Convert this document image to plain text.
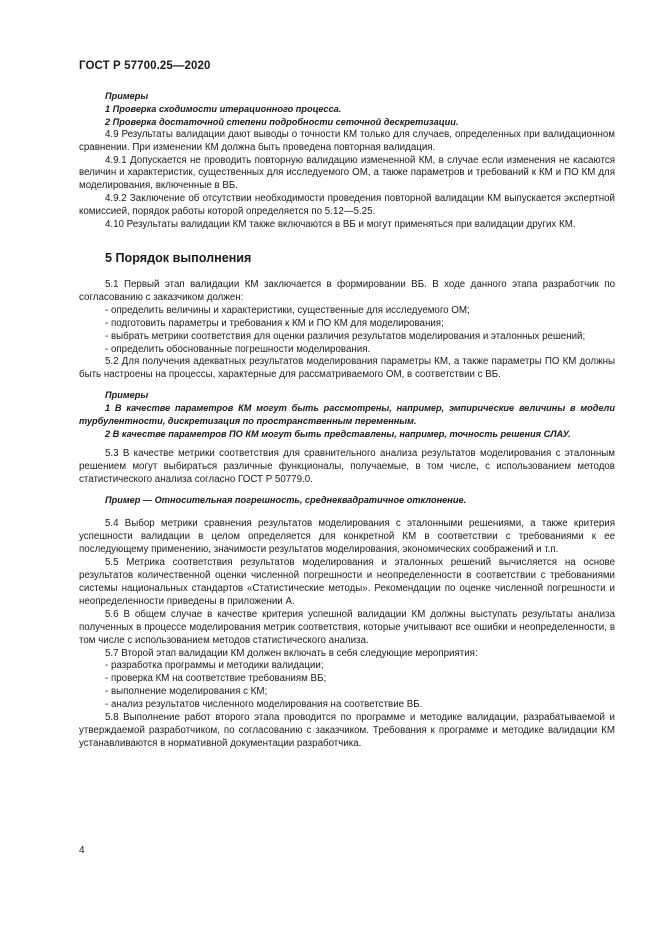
ГОСТ Р 57700.25—2020

Примеры

1 Проверка сходимости итерационного процесса.

2 Проверка достаточной степени подробности сеточной дескретизации.

4.9 Результаты валидации дают выводы о точности КМ только для случаев, определенных при валидационном сравнении. При изменении КМ должна быть проведена повторная валидация.

4.9.1 Допускается не проводить повторную валидацию измененной КМ, в случае если изменения не касаются величин и характеристик, существенных для исследуемого ОМ, а также параметров и требований к КМ и ПО КМ для моделирования, включенные в ВБ.

4.9.2 Заключение об отсутствии необходимости проведения повторной валидации КМ выпускается экспертной комиссией, порядок работы которой определяется по 5.12—5.25.

4.10 Результаты валидации КМ также включаются в ВБ и могут применяться при валидации других КМ.

5 Порядок выполнения

5.1 Первый этап валидации КМ заключается в формировании ВБ. В ходе данного этапа разработчик по согласованию с заказчиком должен:

- определить величины и характеристики, существенные для исследуемого ОМ;

- подготовить параметры и требования к КМ и ПО КМ для моделирования;

- выбрать метрики соответствия для оценки различия результатов моделирования и эталонных решений;

- определить обоснованные погрешности моделирования.

5.2 Для получения адекватных результатов моделирования параметры КМ, а также параметры ПО КМ должны быть настроены на процессы, характерные для рассматриваемого ОМ, в соответствии с ВБ.

Примеры

1 В качестве параметров КМ могут быть рассмотрены, например, эмпирические величины в модели турбулентности, дискретизация по пространственным переменным.

2 В качестве параметров ПО КМ могут быть представлены, например, точность решения СЛАУ.

5.3 В качестве метрики соответствия для сравнительного анализа результатов моделирования с эталонным решением могут выбираться различные функционалы, получаемые, в том числе, с использованием методов статистического анализа согласно ГОСТ Р 50779.0.

Пример — Относительная погрешность, среднеквадратичное отклонение.

5.4 Выбор метрики сравнения результатов моделирования с эталонными решениями, а также критерия успешности валидации в целом определяется для конкретной КМ в соответствии с требованиями к ее последующему применению, значимости результатов моделирования, экономических соображений и т.п.

5.5 Метрика соответствия результатов моделирования и эталонных решений вычисляется на основе результатов количественной оценки численной погрешности и неопределенности в соответствии с требованиями системы национальных стандартов «Статистические методы». Рекомендации по оценке численной погрешности и неопределенности приведены в приложении А.

5.6 В общем случае в качестве критерия успешной валидации КМ должны выступать результаты анализа полученных в процессе моделирования метрик соответствия, которые учитывают все ошибки и неопределенности, в том числе с использованием методов статистического анализа.

5.7 Второй этап валидации КМ должен включать в себя следующие мероприятия:

- разработка программы и методики валидации;

- проверка КМ на соответствие требованиям ВБ;

- выполнение моделирования с КМ;

- анализ результатов численного моделирования на соответствие ВБ.

5.8 Выполнение работ второго этапа проводится по программе и методике валидации, разрабатываемой и утверждаемой разработчиком, по согласованию с заказчиком. Требования к программе и методике валидации КМ устанавливаются в нормативной документации разработчика.

4
